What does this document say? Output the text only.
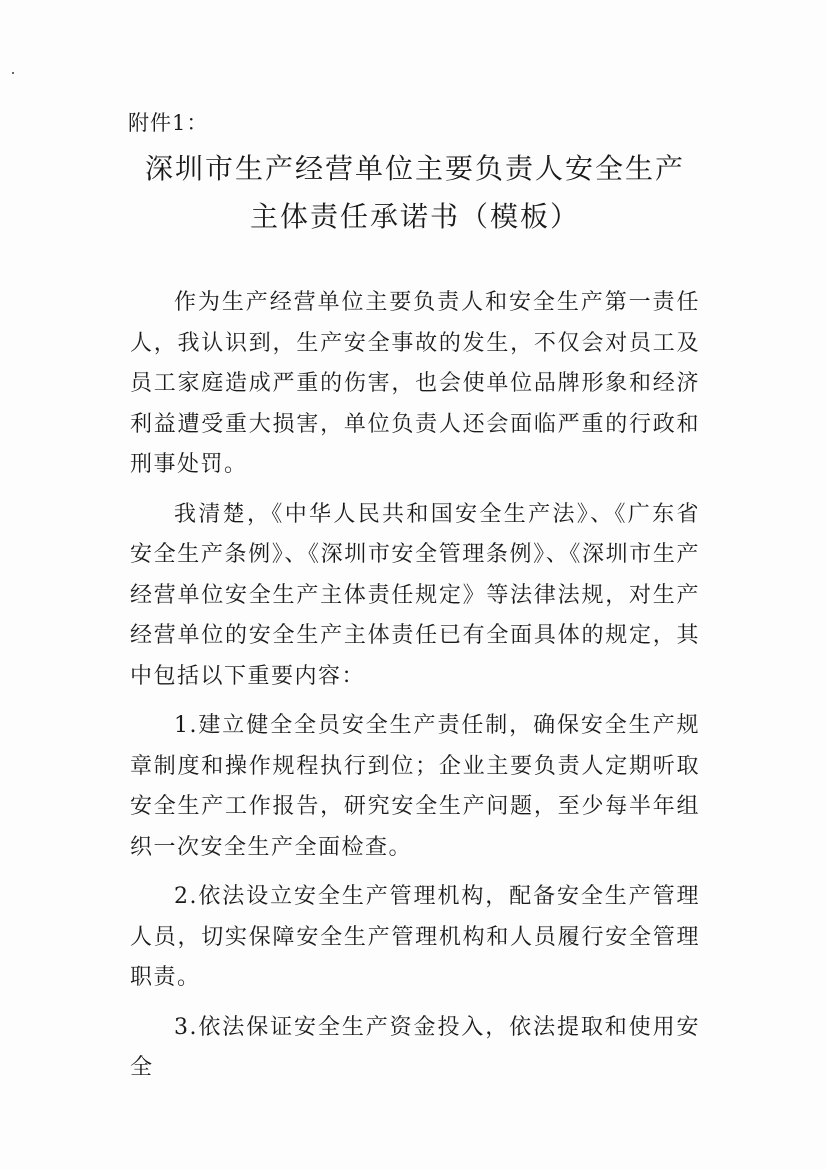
附件1：
深圳市生产经营单位主要负责人安全生产
主体责任承诺书（模板）

作为生产经营单位主要负责人和安全生产第一责任人，我认识到，生产安全事故的发生，不仅会对员工及员工家庭造成严重的伤害，也会使单位品牌形象和经济利益遭受重大损害，单位负责人还会面临严重的行政和刑事处罚。

我清楚，《中华人民共和国安全生产法》、《广东省安全生产条例》、《深圳市安全管理条例》、《深圳市生产经营单位安全生产主体责任规定》等法律法规，对生产经营单位的安全生产主体责任已有全面具体的规定，其中包括以下重要内容：

1.建立健全全员安全生产责任制，确保安全生产规章制度和操作规程执行到位；企业主要负责人定期听取安全生产工作报告，研究安全生产问题，至少每半年组织一次安全生产全面检查。

2.依法设立安全生产管理机构，配备安全生产管理人员，切实保障安全生产管理机构和人员履行安全管理职责。

3.依法保证安全生产资金投入，依法提取和使用安全
